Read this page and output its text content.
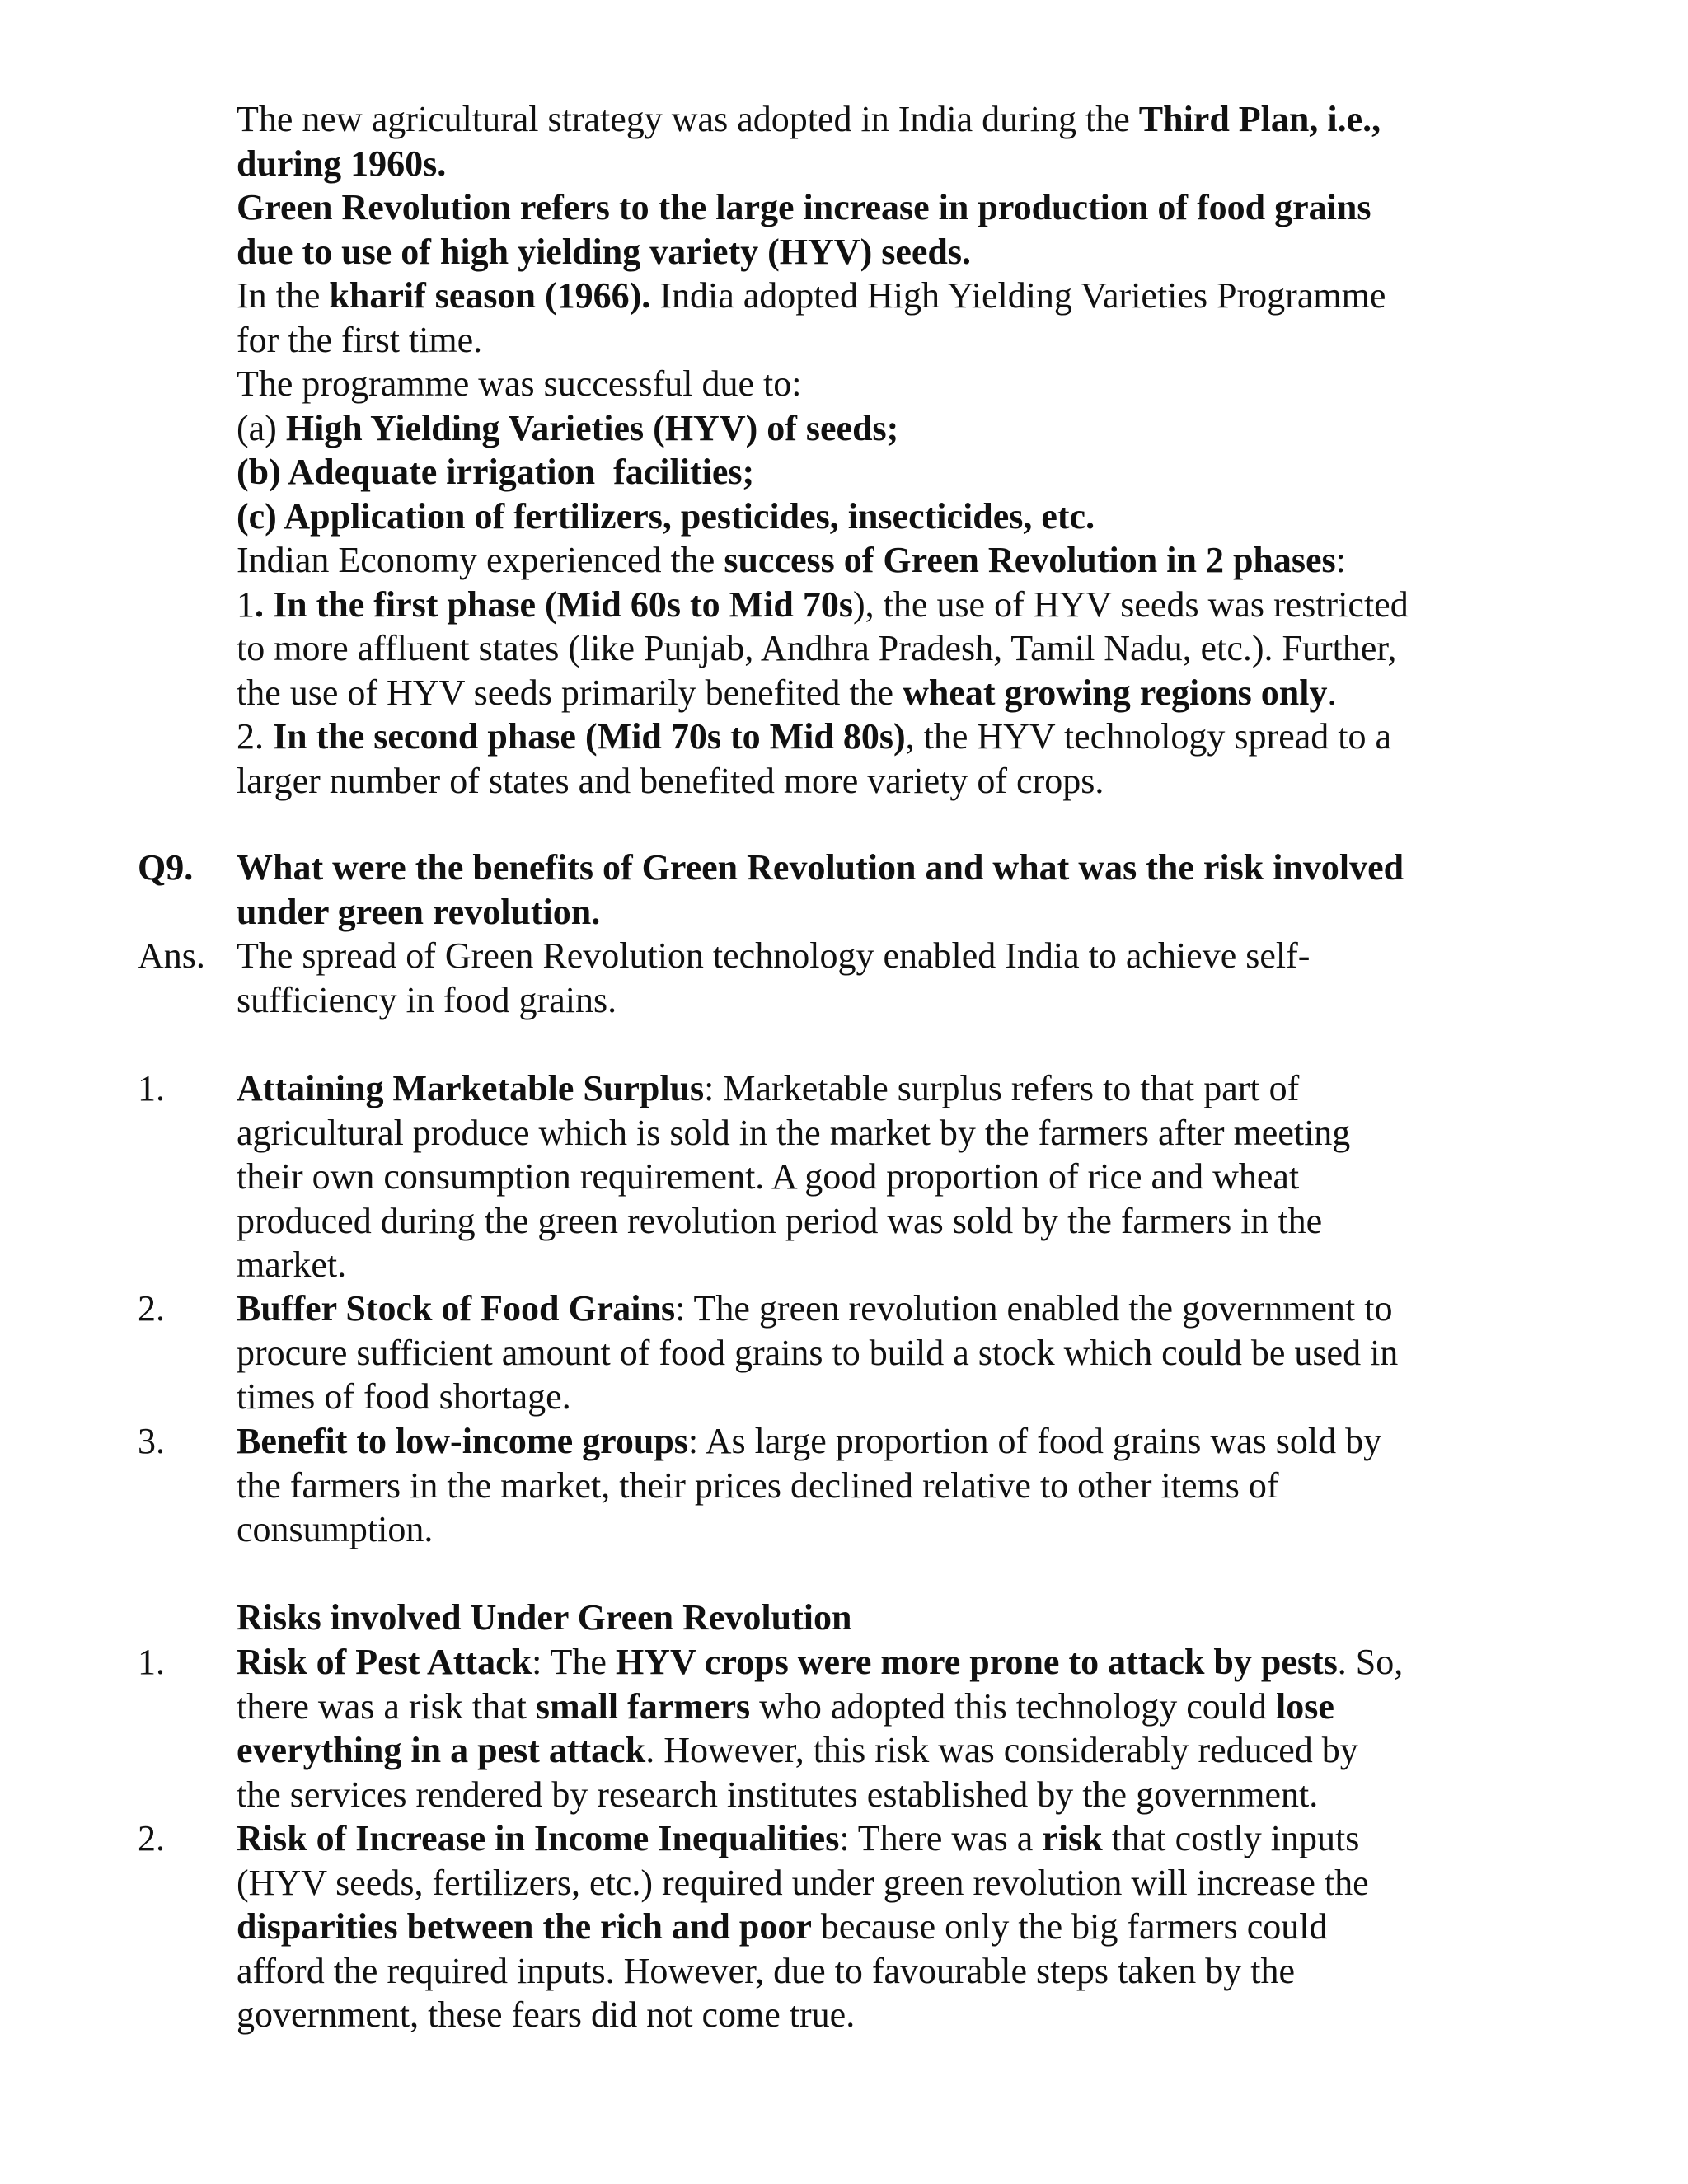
The new agricultural strategy was adopted in India during the Third Plan, i.e.,
during 1960s.
Green Revolution refers to the large increase in production of food grains
due to use of high yielding variety (HYV) seeds.
In the kharif season (1966). India adopted High Yielding Varieties Programme
for the first time.
The programme was successful due to:
(a) High Yielding Varieties (HYV) of seeds;
(b) Adequate irrigation  facilities;
(c) Application of fertilizers, pesticides, insecticides, etc.
Indian Economy experienced the success of Green Revolution in 2 phases:
1. In the first phase (Mid 60s to Mid 70s), the use of HYV seeds was restricted
to more affluent states (like Punjab, Andhra Pradesh, Tamil Nadu, etc.). Further,
the use of HYV seeds primarily benefited the wheat growing regions only.
2. In the second phase (Mid 70s to Mid 80s), the HYV technology spread to a
larger number of states and benefited more variety of crops.
Q9. What were the benefits of Green Revolution and what was the risk involved
under green revolution.
Ans. The spread of Green Revolution technology enabled India to achieve self-
sufficiency in food grains.
1. Attaining Marketable Surplus: Marketable surplus refers to that part of
agricultural produce which is sold in the market by the farmers after meeting
their own consumption requirement. A good proportion of rice and wheat
produced during the green revolution period was sold by the farmers in the
market.
2. Buffer Stock of Food Grains: The green revolution enabled the government to
procure sufficient amount of food grains to build a stock which could be used in
times of food shortage.
3. Benefit to low-income groups: As large proportion of food grains was sold by
the farmers in the market, their prices declined relative to other items of
consumption.
Risks involved Under Green Revolution
1. Risk of Pest Attack: The HYV crops were more prone to attack by pests. So,
there was a risk that small farmers who adopted this technology could lose
everything in a pest attack. However, this risk was considerably reduced by
the services rendered by research institutes established by the government.
2. Risk of Increase in Income Inequalities: There was a risk that costly inputs
(HYV seeds, fertilizers, etc.) required under green revolution will increase the
disparities between the rich and poor because only the big farmers could
afford the required inputs. However, due to favourable steps taken by the
government, these fears did not come true.
